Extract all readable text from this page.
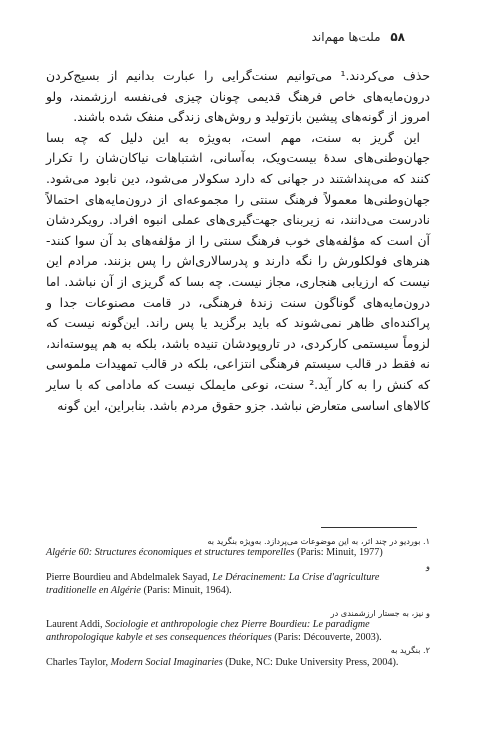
۵۸ ملت‌ها مهم‌اند

حذف می‌کردند.¹ می‌توانیم سنت‌گرایی را عبارت بدانیم از بسیج‌کردن درون‌مایه‌های خاص فرهنگ قدیمی چونان چیزی فی‌نفسه ارزشمند، ولو امروز از گونه‌های پیشین بازتولید و روش‌های زندگی منفک شده باشند.

این گریز به سنت، مهم است، به‌ویژه به این دلیل که چه بسا جهان‌وطنی‌های سدهٔ بیست‌ویک، به‌آسانی، اشتباهات نیاکان‌شان را تکرار کنند که می‌پنداشتند در جهانی که دارد سکولار می‌شود، دین نابود می‌شود. جهان‌وطنی‌ها معمولاً فرهنگ سنتی را مجموعه‌ای از درون‌مایه‌های احتمالاً نادرست می‌دانند، نه زیربنای جهت‌گیری‌های عملی انبوه افراد. رویکردشان آن است که مؤلفه‌های خوب فرهنگ سنتی را از مؤلفه‌های بد آن سوا کنند- هنرهای فولکلورش را نگه دارند و پدرسالاری‌اش را پس بزنند. مرادم این نیست که ارزیابی هنجاری، مجاز نیست. چه بسا که گریزی از آن نباشد. اما درون‌مایه‌های گوناگون سنت زندهٔ فرهنگی، در قامت مصنوعات جدا و پراکنده‌ای ظاهر نمی‌شوند که باید برگزید یا پس راند. این‌گونه نیست که لزوماً سیستمی کارکردی، در تاروپودشان تنیده باشد، بلکه به هم پیوسته‌اند، نه فقط در قالب سیستم فرهنگی انتزاعی، بلکه در قالب تمهیدات ملموسی که کنش را به کار آید.² سنت، نوعی مایملک نیست که مادامی که با سایر کالاهای اساسی متعارض نباشد. جزو حقوق مردم باشد. بنابراین، این گونه

۱. بوردیو در چند اثر، به این موضوعات می‌پردازد. به‌ویژه بنگرید به
Algérie 60: Structures économiques et structures temporelles (Paris: Minuit, 1977)
و
Pierre Bourdieu and Abdelmalek Sayad, Le Déracinement: La Crise d'agriculture traditionelle en Algérie (Paris: Minuit, 1964).
و نیز، به جستار ارزشمندی در
Laurent Addi, Sociologie et anthropologie chez Pierre Bourdieu: Le paradigme anthropologique kabyle et ses consequences théoriques (Paris: Découverte, 2003).
۲. بنگرید به
Charles Taylor, Modern Social Imaginaries (Duke, NC: Duke University Press, 2004).
